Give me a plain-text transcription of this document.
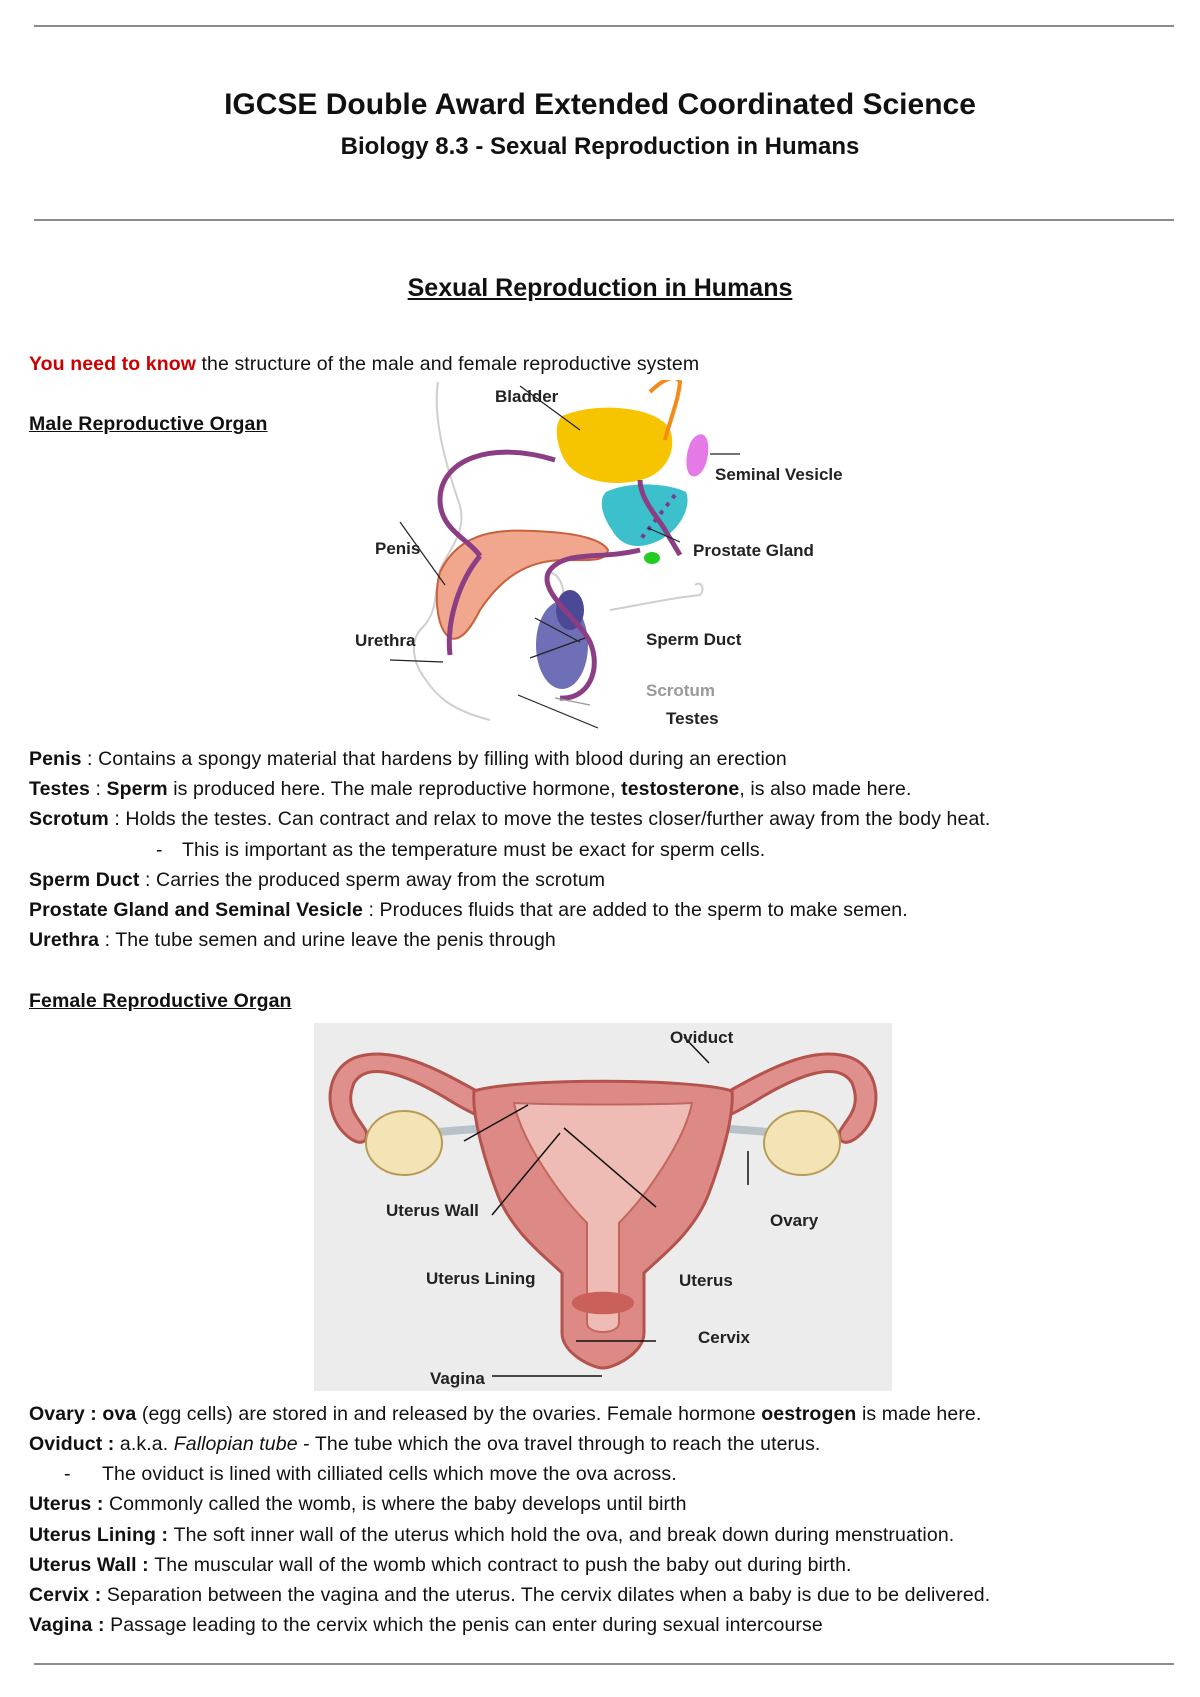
IGCSE Double Award Extended Coordinated Science
Biology 8.3 - Sexual Reproduction in Humans
Sexual Reproduction in Humans
You need to know the structure of the male and female reproductive system
Male Reproductive Organ
Bladder
Seminal Vesicle
Prostate Gland
Penis
Urethra	Sperm Duct
Scrotum
Testes
Penis : Contains a spongy material that hardens by filling with blood during an erection
Testes : Sperm is produced here. The male reproductive hormone, testosterone, is also made here.
Scrotum : Holds the testes. Can contract and relax to move the testes closer/further away from the body heat.
- This is important as the temperature must be exact for sperm cells.
Sperm Duct : Carries the produced sperm away from the scrotum
Prostate Gland and Seminal Vesicle : Produces fluids that are added to the sperm to make semen.
Urethra : The tube semen and urine leave the penis through
Female Reproductive Organ
Oviduct
Uterus Wall
Ovary
Uterus Lining	Uterus
Cervix
Vagina
Ovary : ova (egg cells) are stored in and released by the ovaries. Female hormone oestrogen is made here.
Oviduct : a.k.a. Fallopian tube - The tube which the ova travel through to reach the uterus.
- The oviduct is lined with cilliated cells which move the ova across.
Uterus : Commonly called the womb, is where the baby develops until birth
Uterus Lining : The soft inner wall of the uterus which hold the ova, and break down during menstruation.
Uterus Wall : The muscular wall of the womb which contract to push the baby out during birth.
Cervix : Separation between the vagina and the uterus. The cervix dilates when a baby is due to be delivered.
Vagina : Passage leading to the cervix which the penis can enter during sexual intercourse
